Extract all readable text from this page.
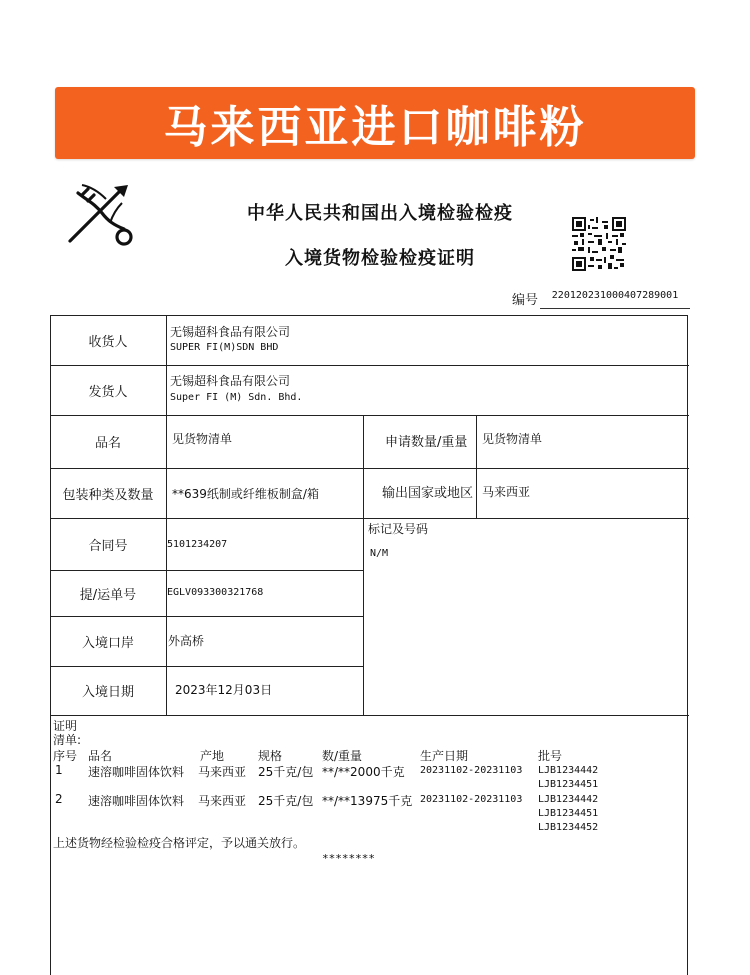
马来西亚进口咖啡粉
中华人民共和国出入境检验检疫
入境货物检验检疫证明
编号	220120231000407289001
收货人
无锡超科食品有限公司
SUPER FI(M)SDN BHD
发货人
无锡超科食品有限公司
Super FI (M) Sdn. Bhd.
品名	见货物清单	申请数量/重量 见货物清单
包装种类及数量	**639纸制或纤维板制盒/箱	输出国家或地区 马来西亚
合同号	5101234207
标记及号码
N/M
提/运单号	EGLV093300321768
入境口岸	外高桥
入境日期	2023年12月03日
证明
清单:
序号 品名	产地	规格	数/重量	生产日期	批号
1 速溶咖啡固体饮料 马来西亚 25千克/包 **/**2000千克 20231102-20231103 LJB1234442
LJB1234451
2 速溶咖啡固体饮料 马来西亚 25千克/包 **/**13975千克 20231102-20231103 LJB1234442
LJB1234451
LJB1234452
上述货物经检验检疫合格评定，予以通关放行。
********
